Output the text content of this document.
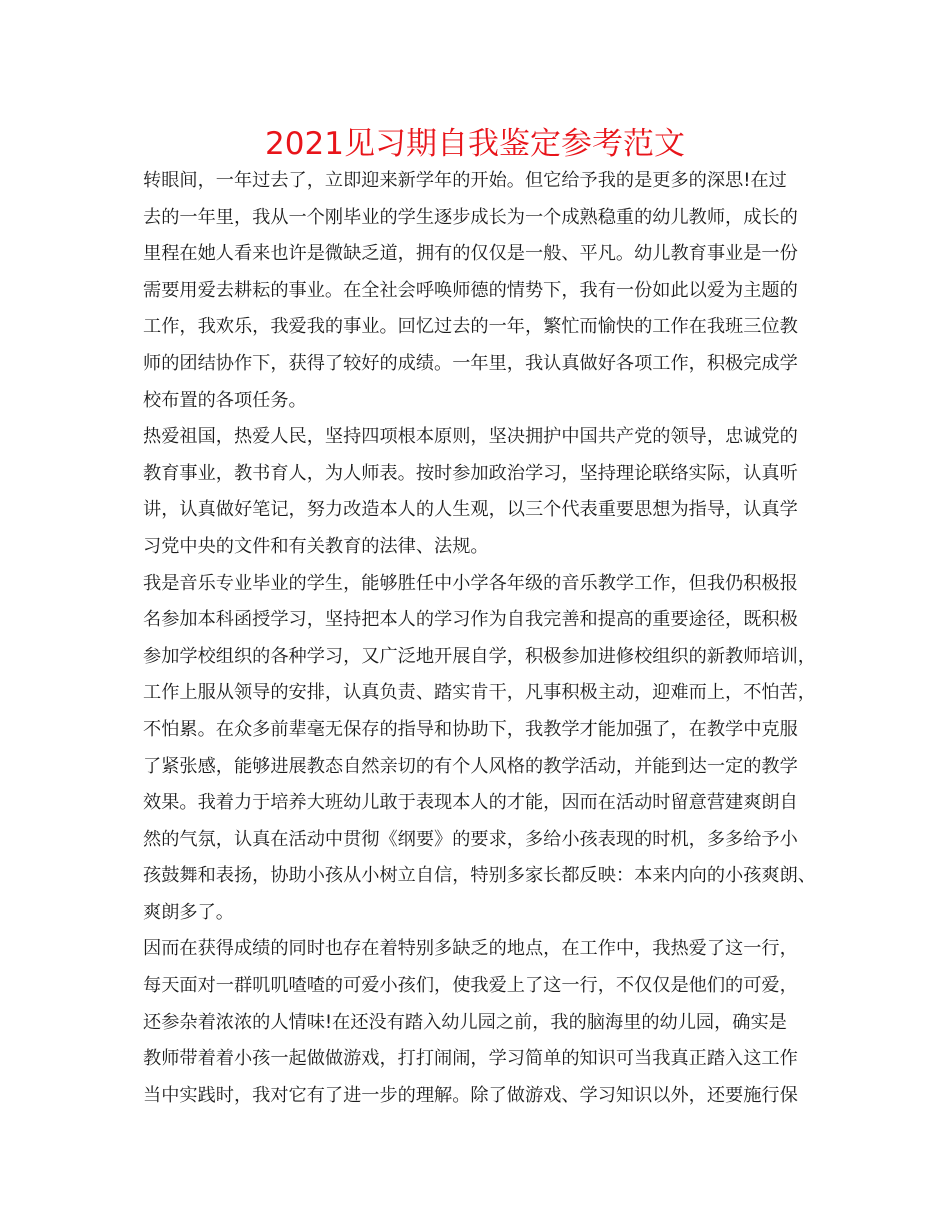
2021见习期自我鉴定参考范文
转眼间，一年过去了，立即迎来新学年的开始。但它给予我的是更多的深思!在过
去的一年里，我从一个刚毕业的学生逐步成长为一个成熟稳重的幼儿教师，成长的
里程在她人看来也许是微缺乏道，拥有的仅仅是一般、平凡。幼儿教育事业是一份
需要用爱去耕耘的事业。在全社会呼唤师德的情势下，我有一份如此以爱为主题的
工作，我欢乐，我爱我的事业。回忆过去的一年，繁忙而愉快的工作在我班三位教
师的团结协作下，获得了较好的成绩。一年里，我认真做好各项工作，积极完成学
校布置的各项任务。
热爱祖国，热爱人民，坚持四项根本原则，坚决拥护中国共产党的领导，忠诚党的
教育事业，教书育人，为人师表。按时参加政治学习，坚持理论联络实际，认真听
讲，认真做好笔记，努力改造本人的人生观，以三个代表重要思想为指导，认真学
习党中央的文件和有关教育的法律、法规。
我是音乐专业毕业的学生，能够胜任中小学各年级的音乐教学工作，但我仍积极报
名参加本科函授学习，坚持把本人的学习作为自我完善和提高的重要途径，既积极
参加学校组织的各种学习，又广泛地开展自学，积极参加进修校组织的新教师培训，
工作上服从领导的安排，认真负责、踏实肯干，凡事积极主动，迎难而上，不怕苦，
不怕累。在众多前辈毫无保存的指导和协助下，我教学才能加强了，在教学中克服
了紧张感，能够进展教态自然亲切的有个人风格的教学活动，并能到达一定的教学
效果。我着力于培养大班幼儿敢于表现本人的才能，因而在活动时留意营建爽朗自
然的气氛，认真在活动中贯彻《纲要》的要求，多给小孩表现的时机，多多给予小
孩鼓舞和表扬，协助小孩从小树立自信，特别多家长都反映：本来内向的小孩爽朗、
爽朗多了。
因而在获得成绩的同时也存在着特别多缺乏的地点，在工作中，我热爱了这一行，
每天面对一群叽叽喳喳的可爱小孩们，使我爱上了这一行，不仅仅是他们的可爱，
还参杂着浓浓的人情味!在还没有踏入幼儿园之前，我的脑海里的幼儿园，确实是
教师带着着小孩一起做做游戏，打打闹闹，学习简单的知识可当我真正踏入这工作
当中实践时，我对它有了进一步的理解。除了做游戏、学习知识以外，还要施行保
